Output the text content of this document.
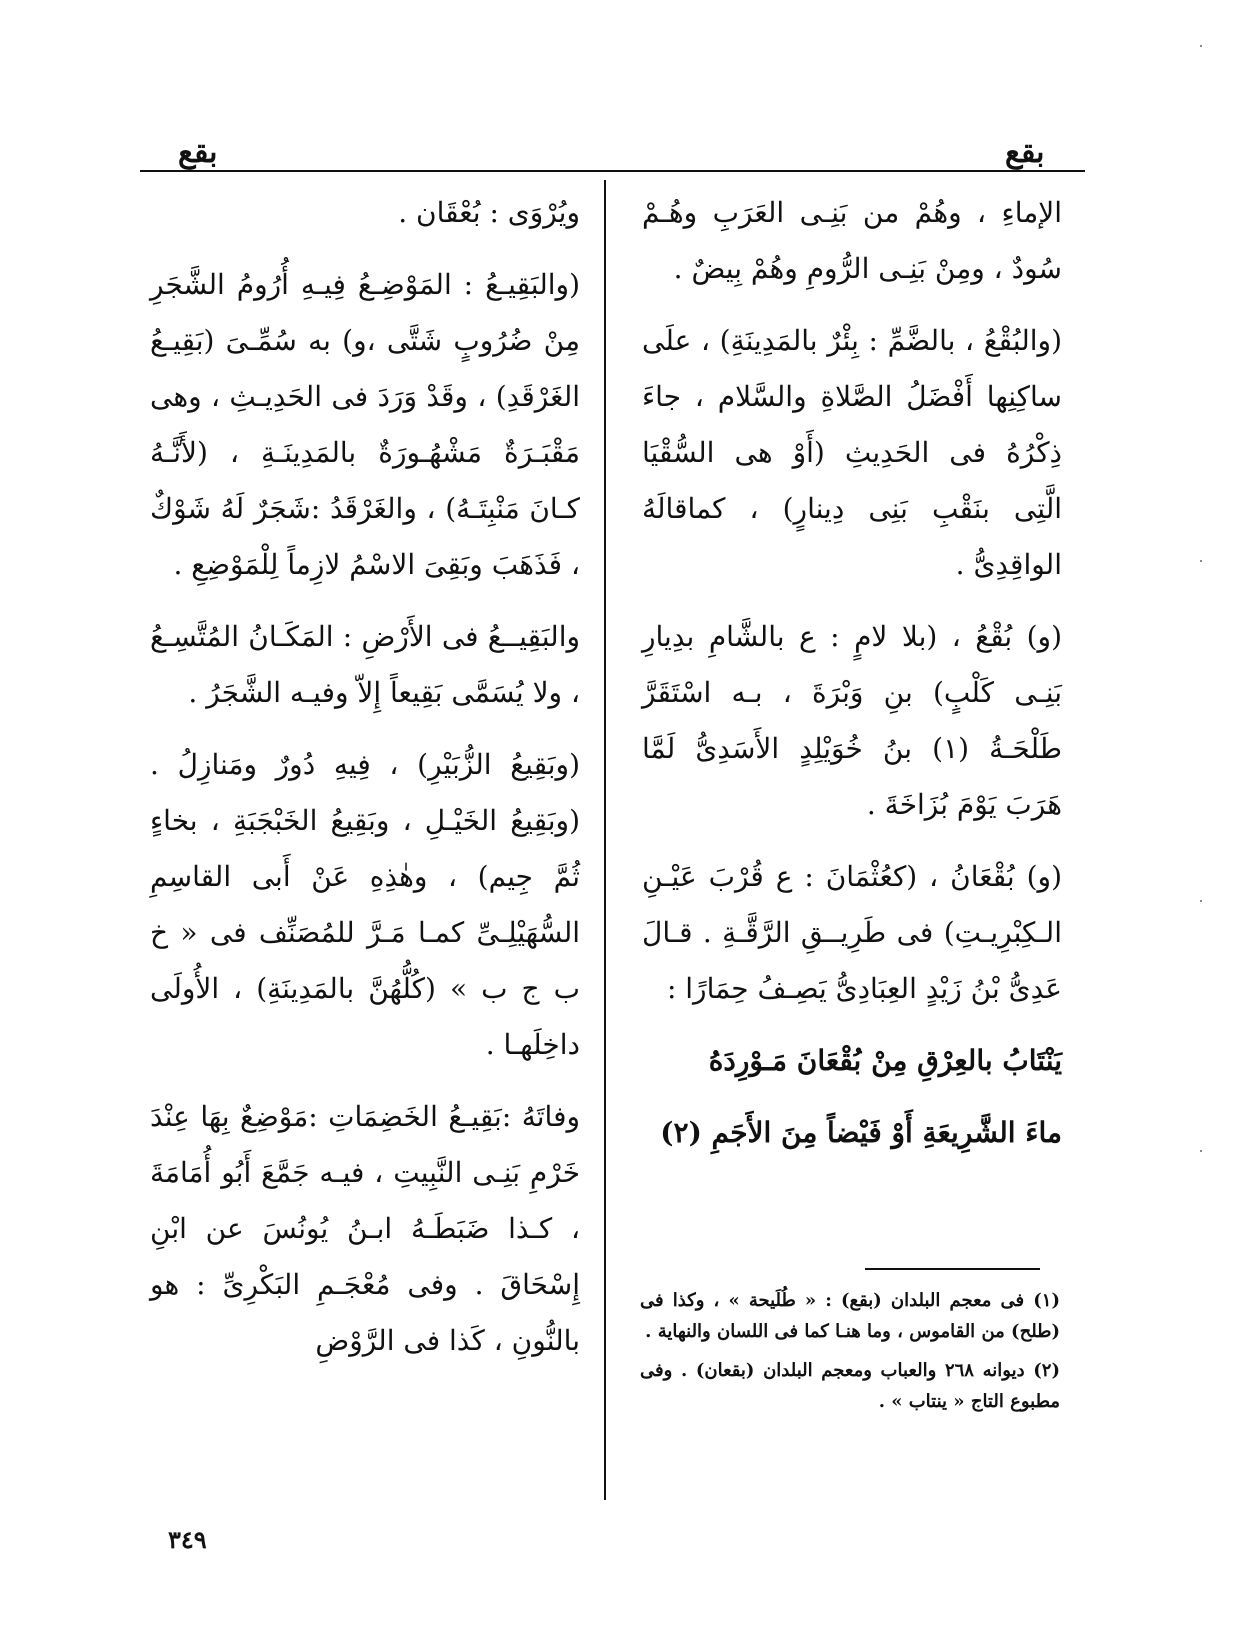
بقع
بقع

الإماءِ ، وهُمْ من بَنِـى العَرَبِ وهُـمْ سُودٌ ، ومِنْ بَنِـى الرُّومِ وهُمْ بِيضٌ .

(والبُقْعُ ، بالضَّمِّ : بِئْرٌ بالمَدِينَةِ) ، علَى ساكِنِها أَفْضَلُ الصَّلاةِ والسَّلام ، جاءَ ذِكْرُهُ فى الحَدِيثِ (أَوْ هى السُّقْيَا الَّتِى بنَقْبِ بَنِى دِينارٍ) ، كماقالَهُ الواقِدِىُّ .

(و) بُقْعُ ، (بلا لامٍ : ع بالشَّامِ بدِيارِ بَنِـى كَلْبٍ) بنِ وَبْرَةَ ، بـه اسْتَقَرَّ طَلْحَـةُ (١) بنُ خُوَيْلِدٍ الأَسَدِىُّ لَمَّا هَرَبَ يَوْمَ بُزَاخَةَ .

(و) بُقْعَانُ ، (كعُثْمَانَ : ع قُرْبَ عَيْـنِ الـكِبْرِيـتِ) فى طَرِيــقِ الرَّقَّـةِ . قـالَ عَدِىُّ بْنُ زَيْدٍ العِبَادِىُّ يَصِـفُ حِمَارًا :

يَنْتَابُ بالعِرْقِ مِنْ بُقْعَانَ مَـوْرِدَهُ

ماءَ الشَّرِيعَةِ أَوْ فَيْضاً مِنَ الأَجَمِ (٢)

(١) فى معجم البلدان (بقع) : « طُلَيحة » ، وكذا فى (طلح) من القاموس ، وما هنـا كما فى اللسان والنهاية .

(٢) ديوانه ٢٦٨ والعباب ومعجم البلدان (بقعان) . وفى مطبوع التاج « ينتاب » .

ويُرْوَى : بُعْقَان .

(والبَقِيـعُ : المَوْضِـعُ فِيـهِ أُرُومُ الشَّجَرِ مِنْ ضُرُوبٍ شَتَّى ،و) به سُمِّـىَ (بَقِيـعُ الغَرْقَدِ) ، وقَدْ وَرَدَ فى الحَدِيـثِ ، وهى مَقْبَـرَةٌ مَشْهُـورَةٌ بالمَدِينَـةِ ، (لأَنَّـهُ كـانَ مَنْبِتَـهُ) ، والغَرْقَدُ :شَجَرٌ لَهُ شَوْكٌ ، فَذَهَبَ وبَقِىَ الاسْمُ لازِماً لِلْمَوْضِعِ .

والبَقِيــعُ فى الأَرْضِ : المَكَـانُ المُتَّسِـعُ ، ولا يُسَمَّى بَقِيعاً إِلاّ وفيـه الشَّجَرُ .

(وبَقِيعُ الزُّبَيْرِ) ، فِيهِ دُورٌ ومَنازِلُ . (وبَقِيعُ الخَيْـلِ ، وبَقِيعُ الخَبْجَبَةِ ، بخاءٍ ثُمَّ جِيم) ، وهٰذِهِ عَنْ أَبى القاسِمِ السُّهَيْلِـىِّ كمـا مَـرَّ للمُصَنِّف فى « خ ب ج ب » (كُلُّهُنَّ بالمَدِينَةِ) ، الأُولَى داخِلَهـا .

وفاتَهُ :بَقِيـعُ الخَضِمَاتِ :مَوْضِعٌ بِهَا عِنْدَ خَرْمِ بَنِـى النَّبِيتِ ، فيـه جَمَّعَ أَبُو أُمَامَةَ ، كـذا ضَبَطَـهُ ابـنُ يُونُسَ عن ابْنِ إِسْحَاقَ . وفى مُعْجَـمِ البَكْرِىِّ : هو بالنُّونِ ، كَذا فى الرَّوْضِ

٣٤٩
